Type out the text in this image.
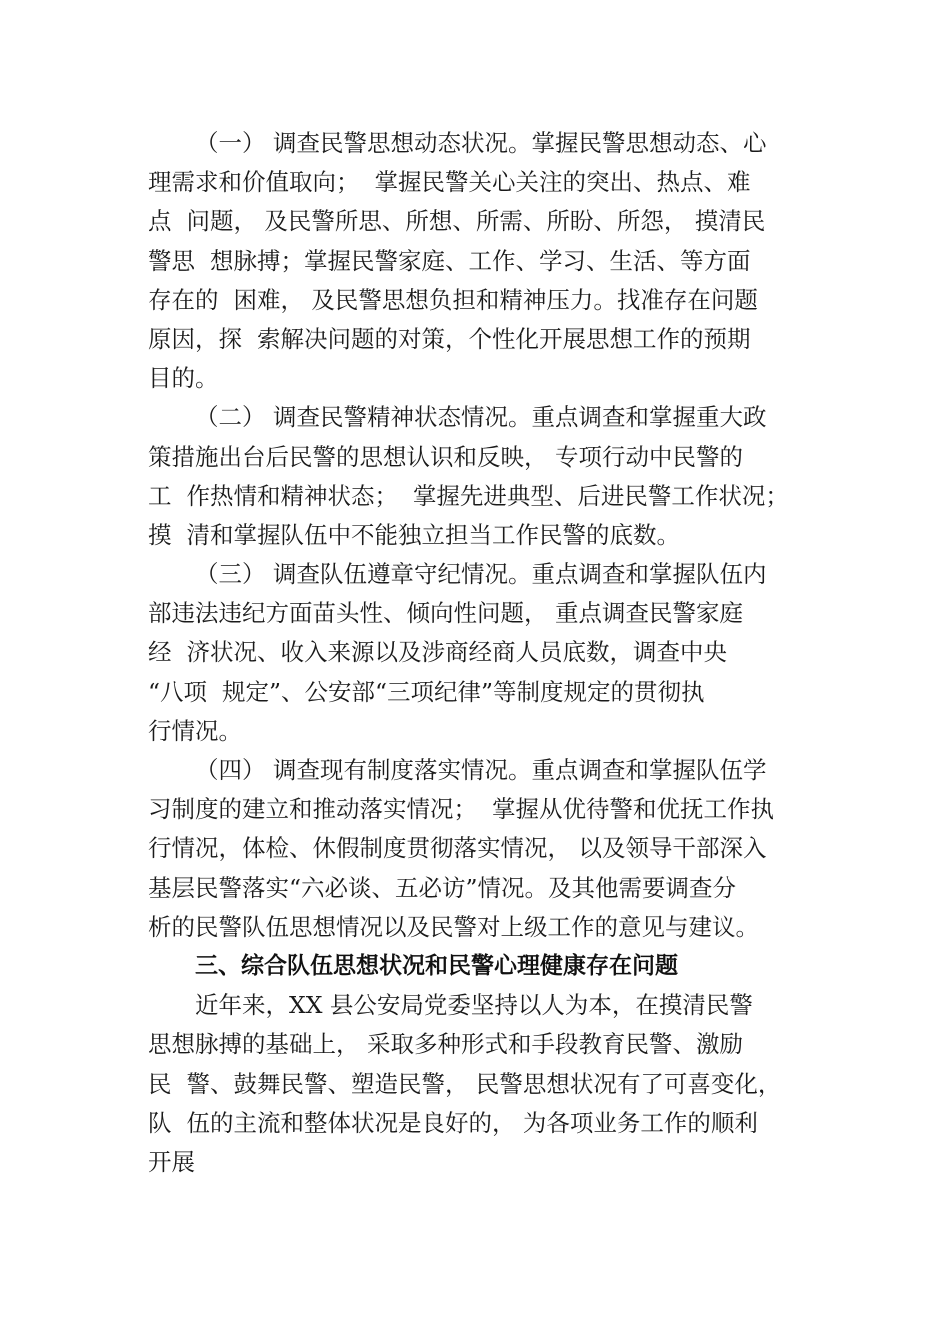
（一） 调查民警思想动态状况。掌握民警思想动态、心
理需求和价值取向；  掌握民警关心关注的突出、热点、难
点  问题， 及民警所思、所想、所需、所盼、所怨， 摸清民
警思  想脉搏；掌握民警家庭、工作、学习、生活、等方面
存在的  困难， 及民警思想负担和精神压力。找准存在问题
原因，探  索解决问题的对策，个性化开展思想工作的预期
目的。
（二） 调查民警精神状态情况。重点调查和掌握重大政
策措施出台后民警的思想认识和反映， 专项行动中民警的
工  作热情和精神状态；  掌握先进典型、后进民警工作状况；
摸  清和掌握队伍中不能独立担当工作民警的底数。
（三） 调查队伍遵章守纪情况。重点调查和掌握队伍内
部违法违纪方面苗头性、倾向性问题， 重点调查民警家庭
经  济状况、收入来源以及涉商经商人员底数，调查中央
“八项  规定”、公安部“三项纪律”等制度规定的贯彻执
行情况。
（四） 调查现有制度落实情况。重点调查和掌握队伍学
习制度的建立和推动落实情况；  掌握从优待警和优抚工作执
行情况，体检、休假制度贯彻落实情况， 以及领导干部深入
基层民警落实“六必谈、五必访”情况。及其他需要调查分
析的民警队伍思想情况以及民警对上级工作的意见与建议。
三、综合队伍思想状况和民警心理健康存在问题
近年来，XX 县公安局党委坚持以人为本，在摸清民警
思想脉搏的基础上， 采取多种形式和手段教育民警、激励
民  警、鼓舞民警、塑造民警， 民警思想状况有了可喜变化，
队  伍的主流和整体状况是良好的， 为各项业务工作的顺利
开展
